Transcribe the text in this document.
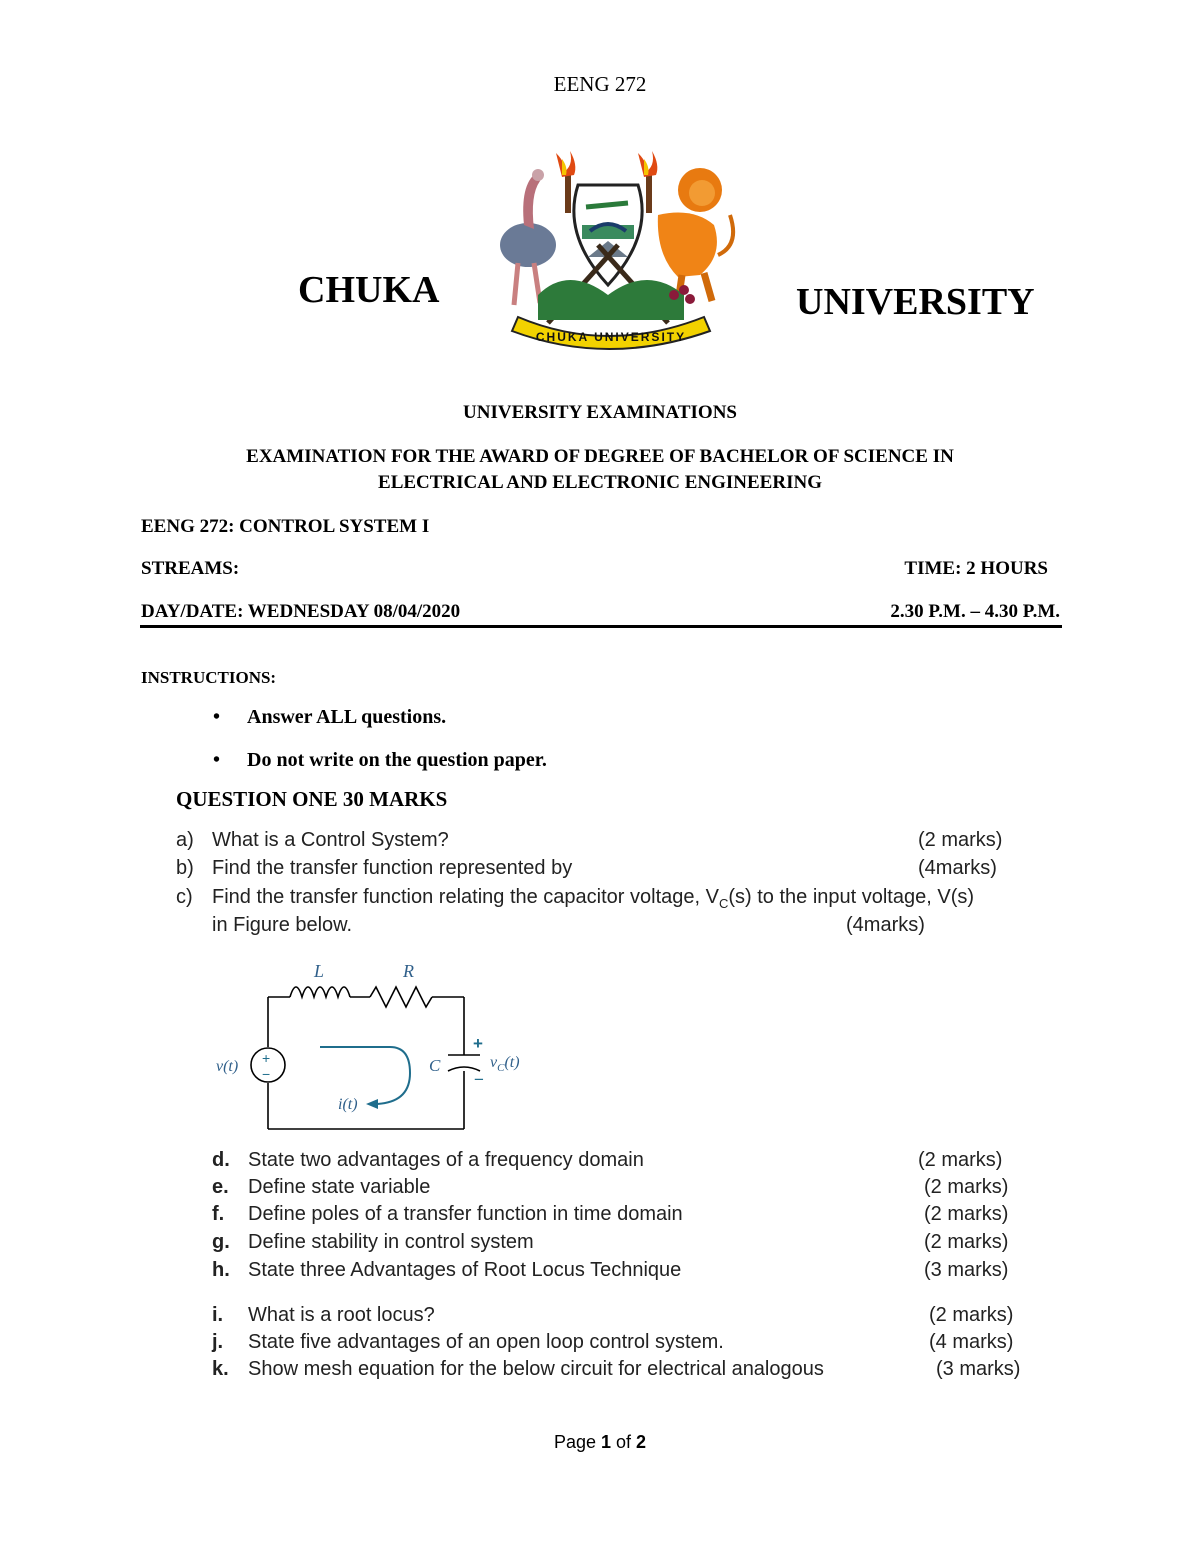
EENG 272
CHUKA	UNIVERSITY
CHUKA UNIVERSITY
UNIVERSITY EXAMINATIONS
EXAMINATION FOR THE AWARD OF DEGREE OF BACHELOR OF SCIENCE IN
ELECTRICAL AND ELECTRONIC ENGINEERING
EENG 272: CONTROL SYSTEM I
STREAMS:	TIME: 2 HOURS
DAY/DATE: WEDNESDAY 08/04/2020	2.30 P.M. – 4.30 P.M.
INSTRUCTIONS:
• Answer ALL questions.
• Do not write on the question paper.
QUESTION ONE 30 MARKS
a) What is a Control System?	(2 marks)
b) Find the transfer function represented by	(4marks)
c) Find the transfer function relating the capacitor voltage, $V_C(s)$ to the input voltage, V(s)
in Figure below.	(4marks)
L	R
C
v(t)	$v_C(t)$
i(t)
+
−
+
−
d. State two advantages of a frequency domain	(2 marks)
e. Define state variable	(2 marks)
f. Define poles of a transfer function in time domain	(2 marks)
g. Define stability in control system	(2 marks)
h. State three Advantages of Root Locus Technique	(3 marks)
i. What is a root locus?	(2 marks)
j. State five advantages of an open loop control system.	(4 marks)
k. Show mesh equation for the below circuit for electrical analogous	(3 marks)
Page 1 of 2
